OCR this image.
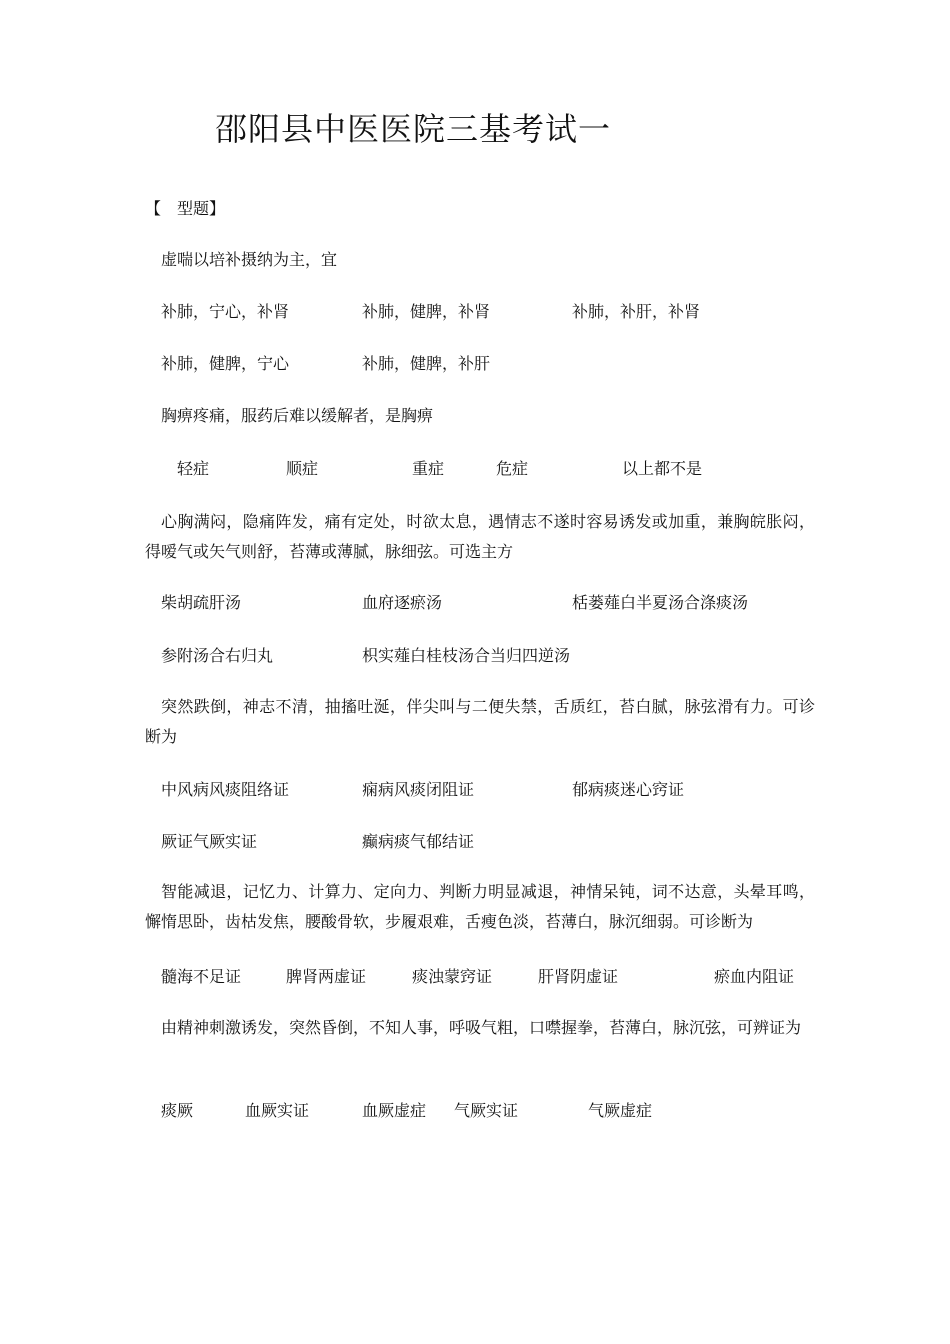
邵阳县中医医院三基考试一
【　型题】
虚喘以培补摄纳为主，宜
补肺，宁心，补肾	补肺，健脾，补肾	补肺，补肝，补肾
补肺，健脾，宁心	补肺，健脾，补肝
胸痹疼痛，服药后难以缓解者，是胸痹
轻症	顺症	重症	危症	以上都不是
心胸满闷，隐痛阵发，痛有定处，时欲太息，遇情志不遂时容易诱发或加重，兼胸皖胀闷，得嗳气或矢气则舒，苔薄或薄腻，脉细弦。可选主方
柴胡疏肝汤	血府逐瘀汤	栝蒌薤白半夏汤合涤痰汤
参附汤合右归丸	枳实薤白桂枝汤合当归四逆汤
突然跌倒，神志不清，抽搐吐涎，伴尖叫与二便失禁，舌质红，苔白腻，脉弦滑有力。可诊断为
中风病风痰阻络证	痫病风痰闭阻证	郁病痰迷心窍证
厥证气厥实证	癫病痰气郁结证
智能减退，记忆力、计算力、定向力、判断力明显减退，神情呆钝，词不达意，头晕耳鸣，懈惰思卧，齿枯发焦，腰酸骨软，步履艰难，舌瘦色淡，苔薄白，脉沉细弱。可诊断为
髓海不足证	脾肾两虚证	痰浊蒙窍证	肝肾阴虚证	瘀血内阻证
由精神刺激诱发，突然昏倒，不知人事，呼吸气粗，口噤握拳，苔薄白，脉沉弦，可辨证为
痰厥	血厥实证	血厥虚症 气厥实证	气厥虚症
